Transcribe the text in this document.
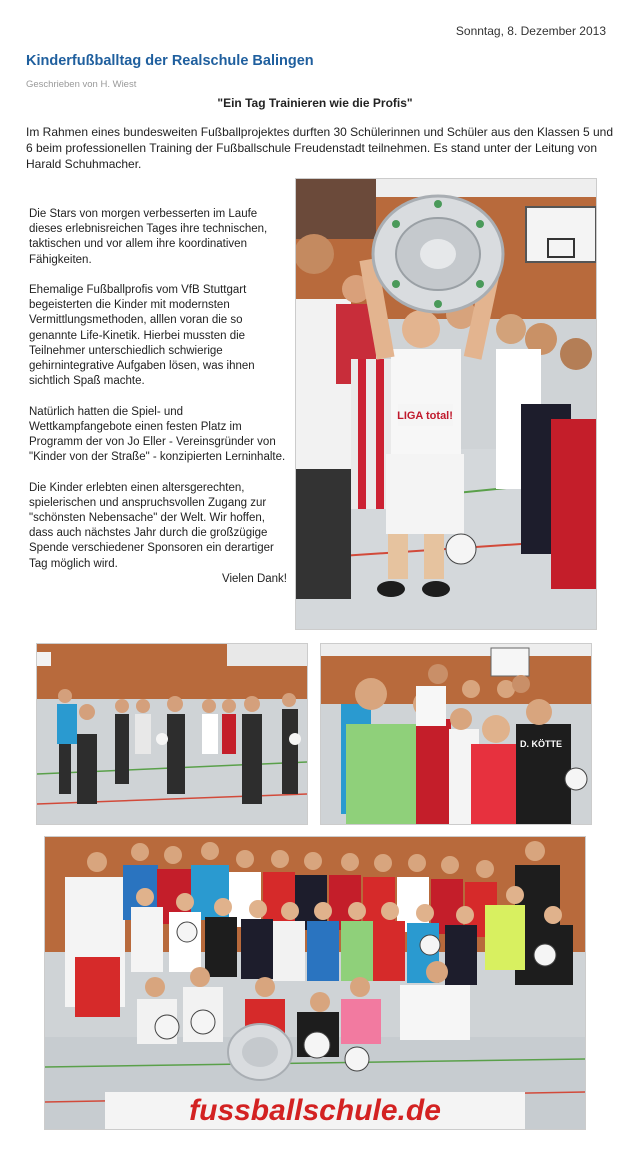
Sonntag, 8. Dezember 2013
Kinderfußballtag der Realschule Balingen
Geschrieben von H. Wiest
"Ein Tag Trainieren wie die Profis"
Im Rahmen eines bundesweiten Fußballprojektes durften 30 Schülerinnen und Schüler aus den Klassen 5 und 6 beim professionellen Training der Fußballschule Freudenstadt teilnehmen. Es stand unter der Leitung von Harald Schuhmacher.

Die Stars von morgen verbesserten im Laufe dieses erlebnisreichen Tages ihre technischen, taktischen und vor allem ihre koordinativen Fähigkeiten.

Ehemalige Fußballprofis vom VfB Stuttgart begeisterten die Kinder mit modernsten Vermittlungsmethoden, alllen voran die so genannte Life-Kinetik. Hierbei mussten die Teilnehmer unterschiedlich schwierige gehirnintegrative Aufgaben lösen, was ihnen sichtlich Spaß machte.

Natürlich hatten die Spiel- und Wettkampfangebote einen festen Platz im Programm der von Jo Eller - Vereinsgründer von "Kinder von der Straße" - konzipierten Lerninhalte.

Die Kinder erlebten einen altersgerechten, spielerischen und anspruchsvollen Zugang zur "schönsten Nebensache" der Welt. Wir hoffen, dass auch nächstes Jahr durch die großzügige Spende verschiedener Sponsoren ein derartiger Tag möglich wird.

Vielen Dank!

LIGA total!
D. KÖTTE
fussballschule.de
